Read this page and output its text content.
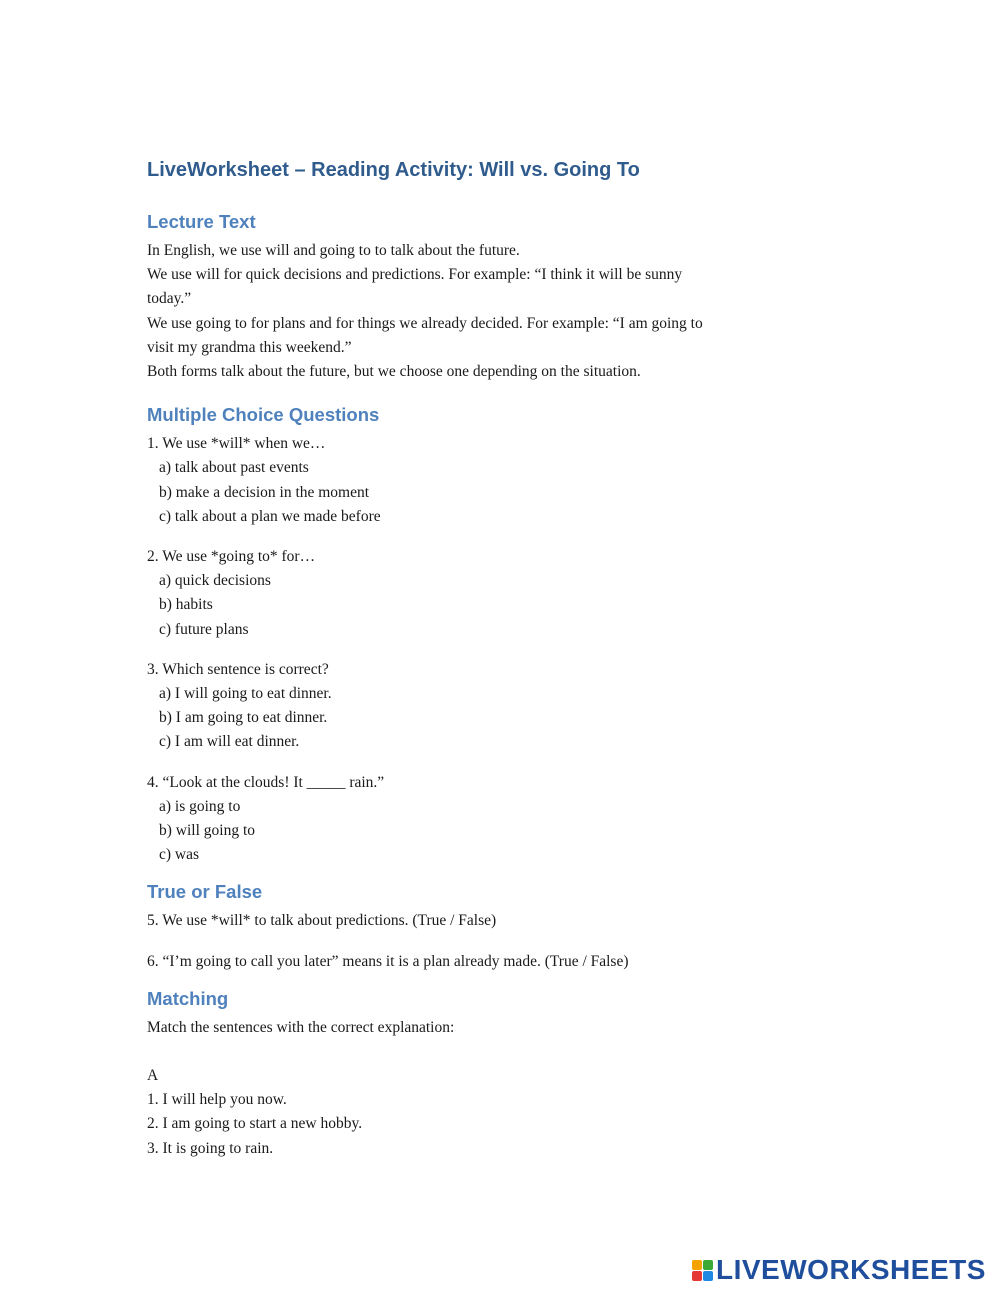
LiveWorksheet – Reading Activity: Will vs. Going To
Lecture Text

In English, we use will and going to to talk about the future.

We use will for quick decisions and predictions. For example: “I think it will be sunny

today.”

We use going to for plans and for things we already decided. For example: “I am going to

visit my grandma this weekend.”

Both forms talk about the future, but we choose one depending on the situation.

Multiple Choice Questions

1. We use *will* when we…

a) talk about past events

b) make a decision in the moment

c) talk about a plan we made before

2. We use *going to* for…

a) quick decisions

b) habits

c) future plans

3. Which sentence is correct?

a) I will going to eat dinner.

b) I am going to eat dinner.

c) I am will eat dinner.

4. “Look at the clouds! It _____ rain.”

a) is going to

b) will going to

c) was

True or False

5. We use *will* to talk about predictions. (True / False)

6. “I’m going to call you later” means it is a plan already made. (True / False)

Matching

Match the sentences with the correct explanation:

A

1. I will help you now.

2. I am going to start a new hobby.

3. It is going to rain.

LIVEWORKSHEETS
